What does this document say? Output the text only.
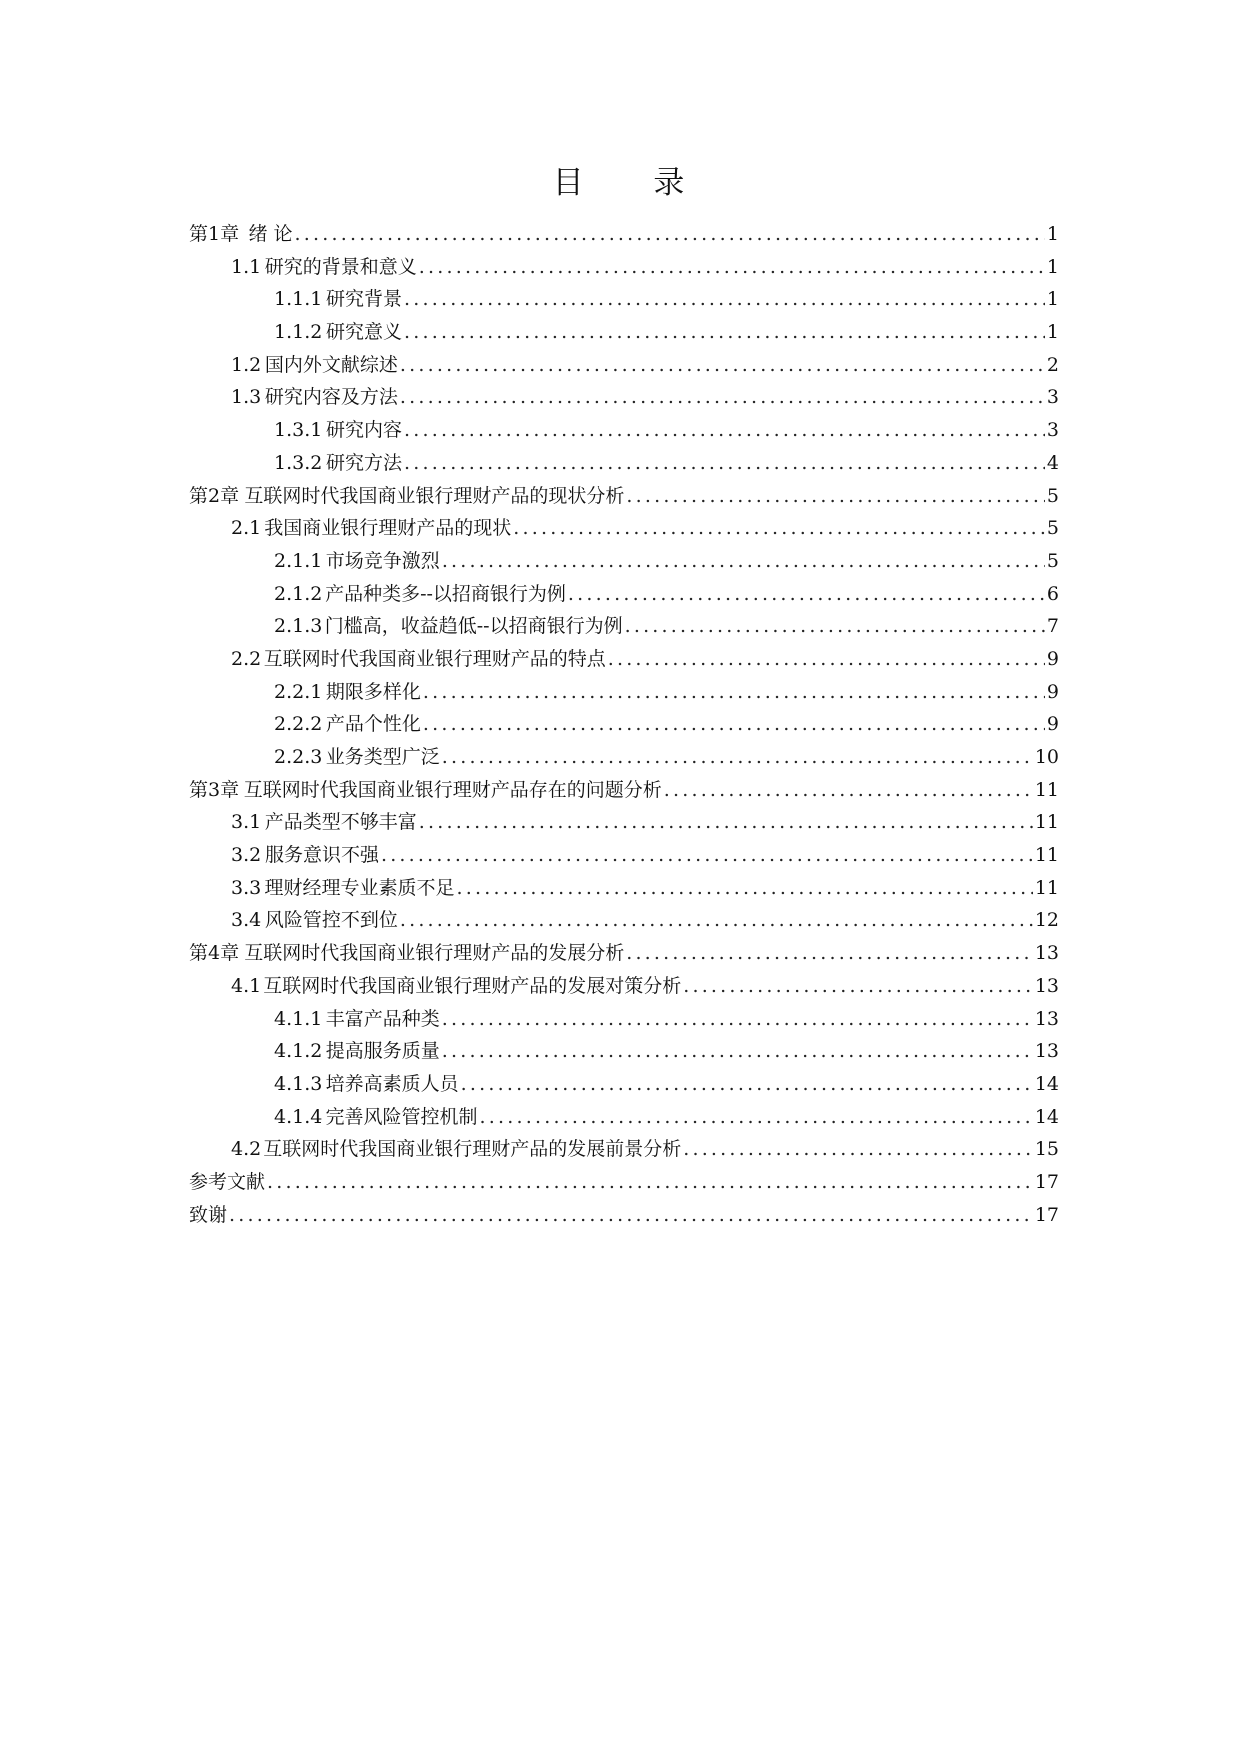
目 录
第1章 绪 论 .....	1
1.1 研究的背景和意义 .....	1
1.1.1 研究背景 .....	1
1.1.2 研究意义 .....	1
1.2 国内外文献综述 .....	2
1.3 研究内容及方法 .....	3
1.3.1 研究内容 .....	3
1.3.2 研究方法 .....	4
第2章 互联网时代我国商业银行理财产品的现状分析 .....	5
2.1 我国商业银行理财产品的现状 .....	5
2.1.1 市场竞争激烈 .....	5
2.1.2 产品种类多--以招商银行为例 .....	6
2.1.3 门槛高，收益趋低--以招商银行为例 .....	7
2.2 互联网时代我国商业银行理财产品的特点 .....	9
2.2.1 期限多样化 .....	9
2.2.2 产品个性化 .....	9
2.2.3 业务类型广泛 .....	10
第3章 互联网时代我国商业银行理财产品存在的问题分析 .....	11
3.1 产品类型不够丰富 .....	11
3.2 服务意识不强 .....	11
3.3 理财经理专业素质不足 .....	11
3.4 风险管控不到位 .....	12
第4章 互联网时代我国商业银行理财产品的发展分析 .....	13
4.1 互联网时代我国商业银行理财产品的发展对策分析 .....	13
4.1.1 丰富产品种类 .....	13
4.1.2 提高服务质量 .....	13
4.1.3 培养高素质人员 .....	14
4.1.4 完善风险管控机制 .....	14
4.2 互联网时代我国商业银行理财产品的发展前景分析 .....	15
参考文献 .....	17
致谢 .....	17
